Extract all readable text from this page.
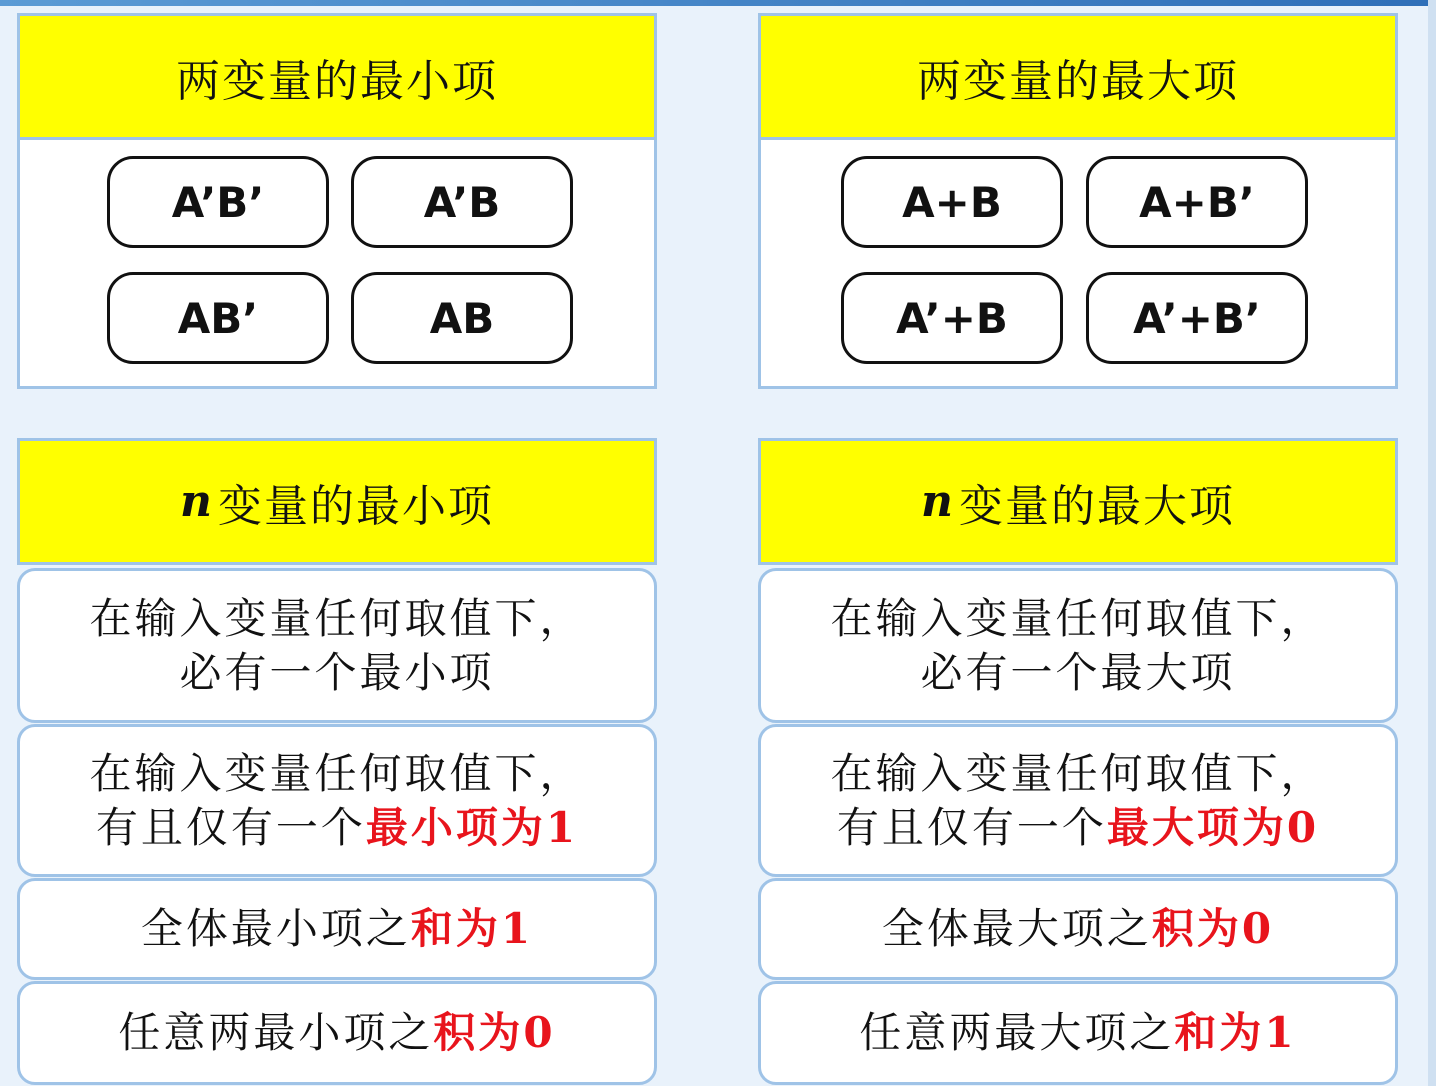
两变量的最小项
A’B’	A’B
AB’	AB
两变量的最大项
A+B	A+B’
A’+B	A’+B’
n 变量的最小项
在输入变量任何取值下，
必有一个最小项
在输入变量任何取值下，
有且仅有一个最小项为1
全体最小项之和为1
任意两最小项之积为0
n 变量的最大项
在输入变量任何取值下，
必有一个最大项
在输入变量任何取值下，
有且仅有一个最大项为0
全体最大项之积为0
任意两最大项之和为1
